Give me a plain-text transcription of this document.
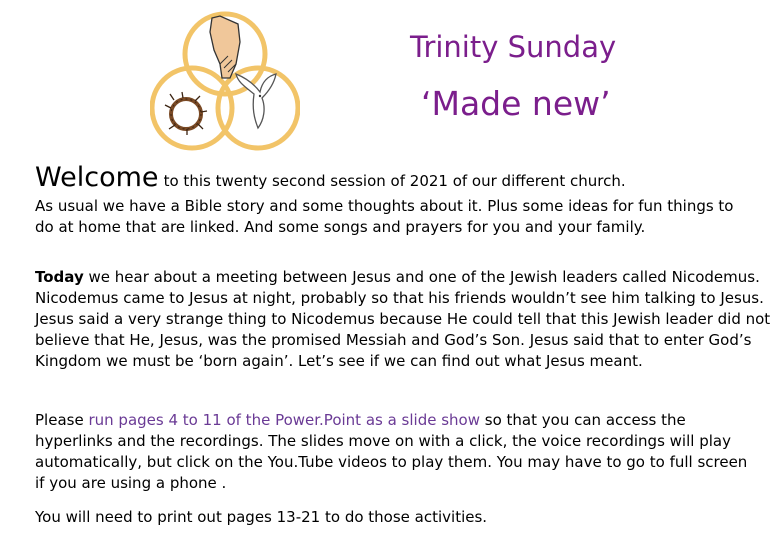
Trinity Sunday
‘Made new’
Welcome to this twenty second session of 2021 of our different church.
As usual we have a Bible story and some thoughts about it. Plus some ideas for fun things to do at home that are linked. And some songs and prayers for you and your family.
Today we hear about a meeting between Jesus and one of the Jewish leaders called Nicodemus. Nicodemus came to Jesus at night, probably so that his friends wouldn’t see him talking to Jesus. Jesus said a very strange thing to Nicodemus because He could tell that this Jewish leader did not believe that He, Jesus, was the promised Messiah and God’s Son. Jesus said that to enter God’s Kingdom we must be ‘born again’. Let’s see if we can find out what Jesus meant.
Please run pages 4 to 11 of the Power.Point as a slide show so that you can access the hyperlinks and the recordings. The slides move on with a click, the voice recordings will play automatically, but click on the You.Tube videos to play them. You may have to go to full screen if you are using a phone .
You will need to print out pages 13-21 to do those activities.
